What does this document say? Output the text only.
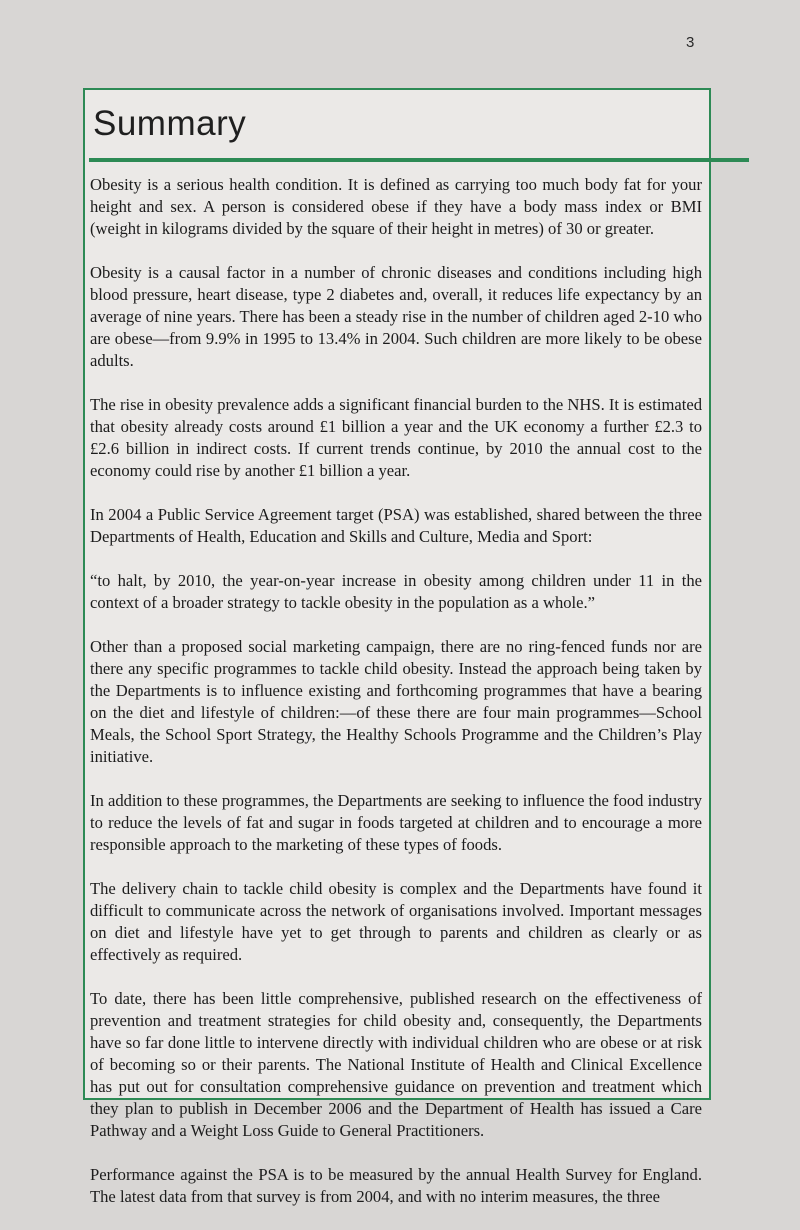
3
Summary

Obesity is a serious health condition. It is defined as carrying too much body fat for your height and sex. A person is considered obese if they have a body mass index or BMI (weight in kilograms divided by the square of their height in metres) of 30 or greater.

Obesity is a causal factor in a number of chronic diseases and conditions including high blood pressure, heart disease, type 2 diabetes and, overall, it reduces life expectancy by an average of nine years. There has been a steady rise in the number of children aged 2-10 who are obese—from 9.9% in 1995 to 13.4% in 2004. Such children are more likely to be obese adults.

The rise in obesity prevalence adds a significant financial burden to the NHS. It is estimated that obesity already costs around £1 billion a year and the UK economy a further £2.3 to £2.6 billion in indirect costs. If current trends continue, by 2010 the annual cost to the economy could rise by another £1 billion a year.

In 2004 a Public Service Agreement target (PSA) was established, shared between the three Departments of Health, Education and Skills and Culture, Media and Sport:

“to halt, by 2010, the year-on-year increase in obesity among children under 11 in the context of a broader strategy to tackle obesity in the population as a whole.”

Other than a proposed social marketing campaign, there are no ring-fenced funds nor are there any specific programmes to tackle child obesity. Instead the approach being taken by the Departments is to influence existing and forthcoming programmes that have a bearing on the diet and lifestyle of children:—of these there are four main programmes—School Meals, the School Sport Strategy, the Healthy Schools Programme and the Children’s Play initiative.

In addition to these programmes, the Departments are seeking to influence the food industry to reduce the levels of fat and sugar in foods targeted at children and to encourage a more responsible approach to the marketing of these types of foods.

The delivery chain to tackle child obesity is complex and the Departments have found it difficult to communicate across the network of organisations involved. Important messages on diet and lifestyle have yet to get through to parents and children as clearly or as effectively as required.

To date, there has been little comprehensive, published research on the effectiveness of prevention and treatment strategies for child obesity and, consequently, the Departments have so far done little to intervene directly with individual children who are obese or at risk of becoming so or their parents. The National Institute of Health and Clinical Excellence has put out for consultation comprehensive guidance on prevention and treatment which they plan to publish in December 2006 and the Department of Health has issued a Care Pathway and a Weight Loss Guide to General Practitioners.

Performance against the PSA is to be measured by the annual Health Survey for England. The latest data from that survey is from 2004, and with no interim measures, the three
